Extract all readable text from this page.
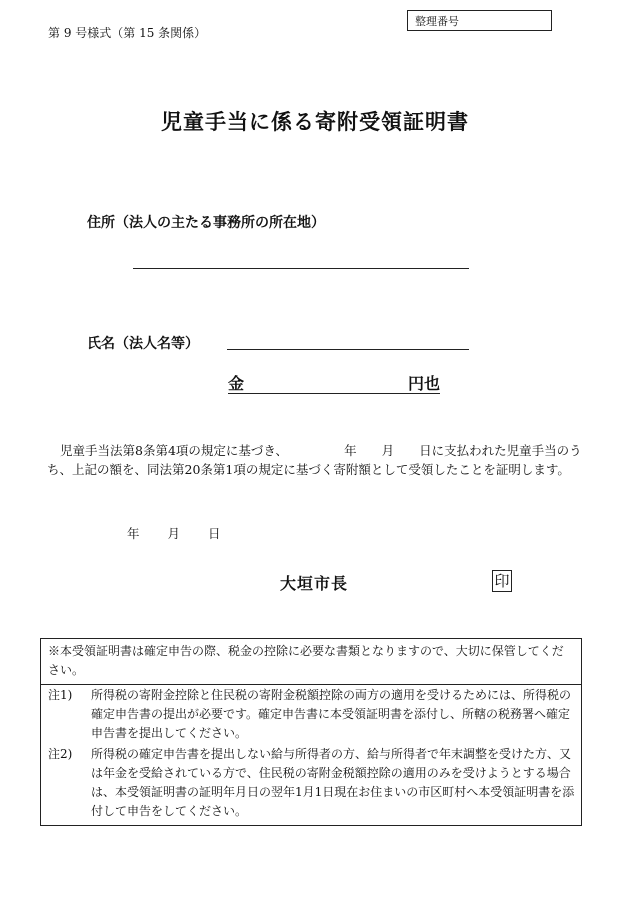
第 9 号様式（第 15 条関係）
整理番号
児童手当に係る寄附受領証明書
住所（法人の主たる事務所の所在地）
氏名（法人名等）
金	円也
児童手当法第8条第4項の規定に基づき、　　　　　年　　月　　日に支払われた児童手当のうち、上記の額を、同法第20条第1項の規定に基づく寄附額として受領したことを証明します。
年 月 日
大垣市長	印
※本受領証明書は確定申告の際、税金の控除に必要な書類となりますので、大切に保管してください。
注1) 所得税の寄附金控除と住民税の寄附金税額控除の両方の適用を受けるためには、所得税の確定申告書の提出が必要です。確定申告書に本受領証明書を添付し、所轄の税務署へ確定申告書を提出してください。
注2) 所得税の確定申告書を提出しない給与所得者の方、給与所得者で年末調整を受けた方、又は年金を受給されている方で、住民税の寄附金税額控除の適用のみを受けようとする場合は、本受領証明書の証明年月日の翌年1月1日現在お住まいの市区町村へ本受領証明書を添付して申告をしてください。
